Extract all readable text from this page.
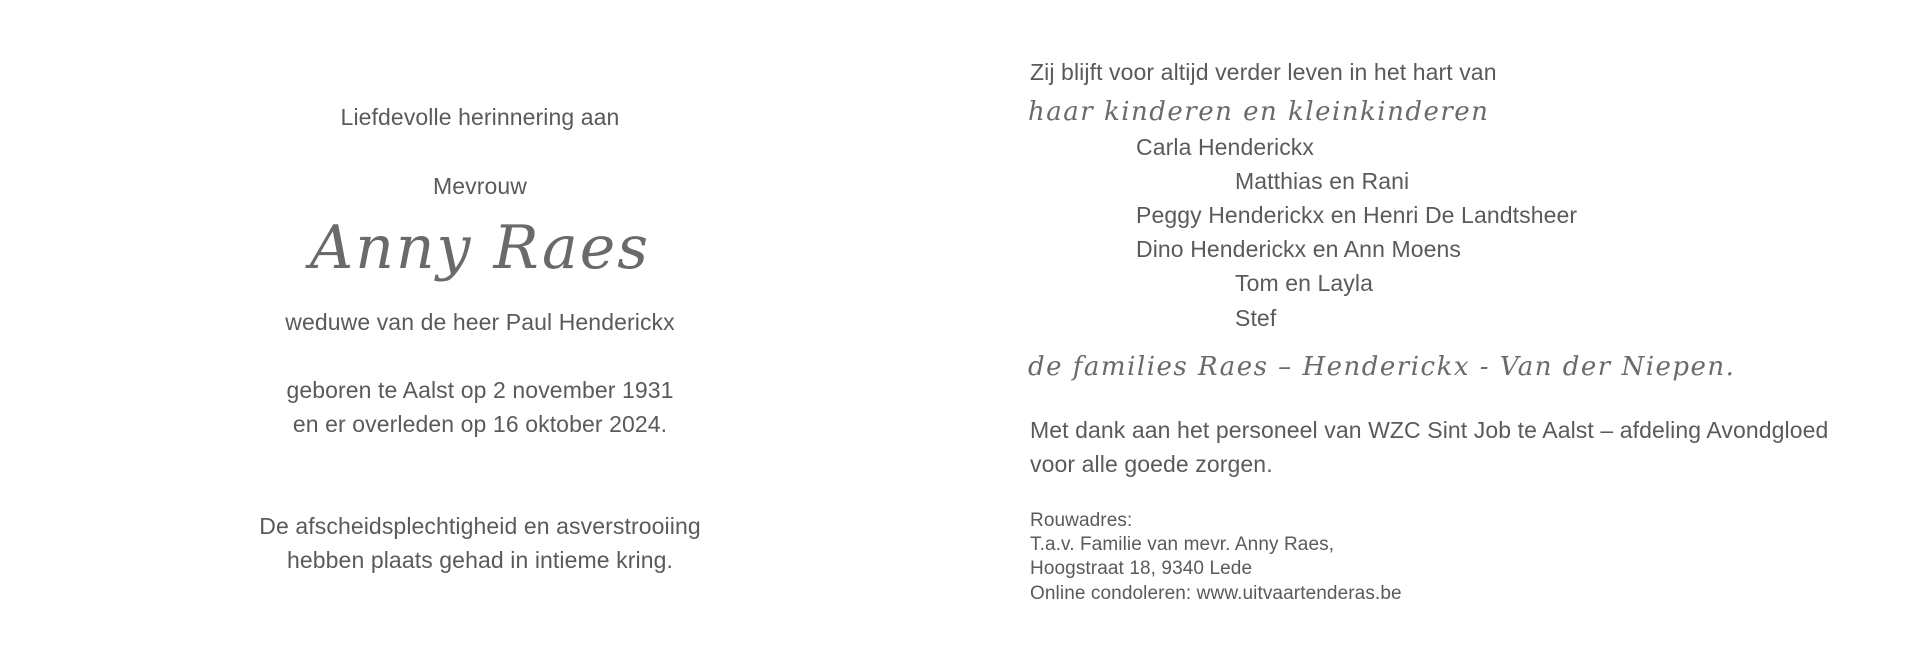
Liefdevolle herinnering aan

Mevrouw

Anny Raes

weduwe van de heer Paul Henderickx

geboren te Aalst op 2 november 1931

en er overleden op 16 oktober 2024.

De afscheidsplechtigheid en asverstrooiing

hebben plaats gehad in intieme kring.

Zij blijft voor altijd verder leven in het hart van

haar kinderen en kleinkinderen

Carla Henderickx

Matthias en Rani

Peggy Henderickx en Henri De Landtsheer

Dino Henderickx en Ann Moens

Tom en Layla

Stef

de families Raes – Henderickx - Van der Niepen.

Met dank aan het personeel van WZC Sint Job te Aalst – afdeling Avondgloed

voor alle goede zorgen.

Rouwadres:

T.a.v. Familie van mevr. Anny Raes,

Hoogstraat 18, 9340 Lede

Online condoleren: www.uitvaartenderas.be
